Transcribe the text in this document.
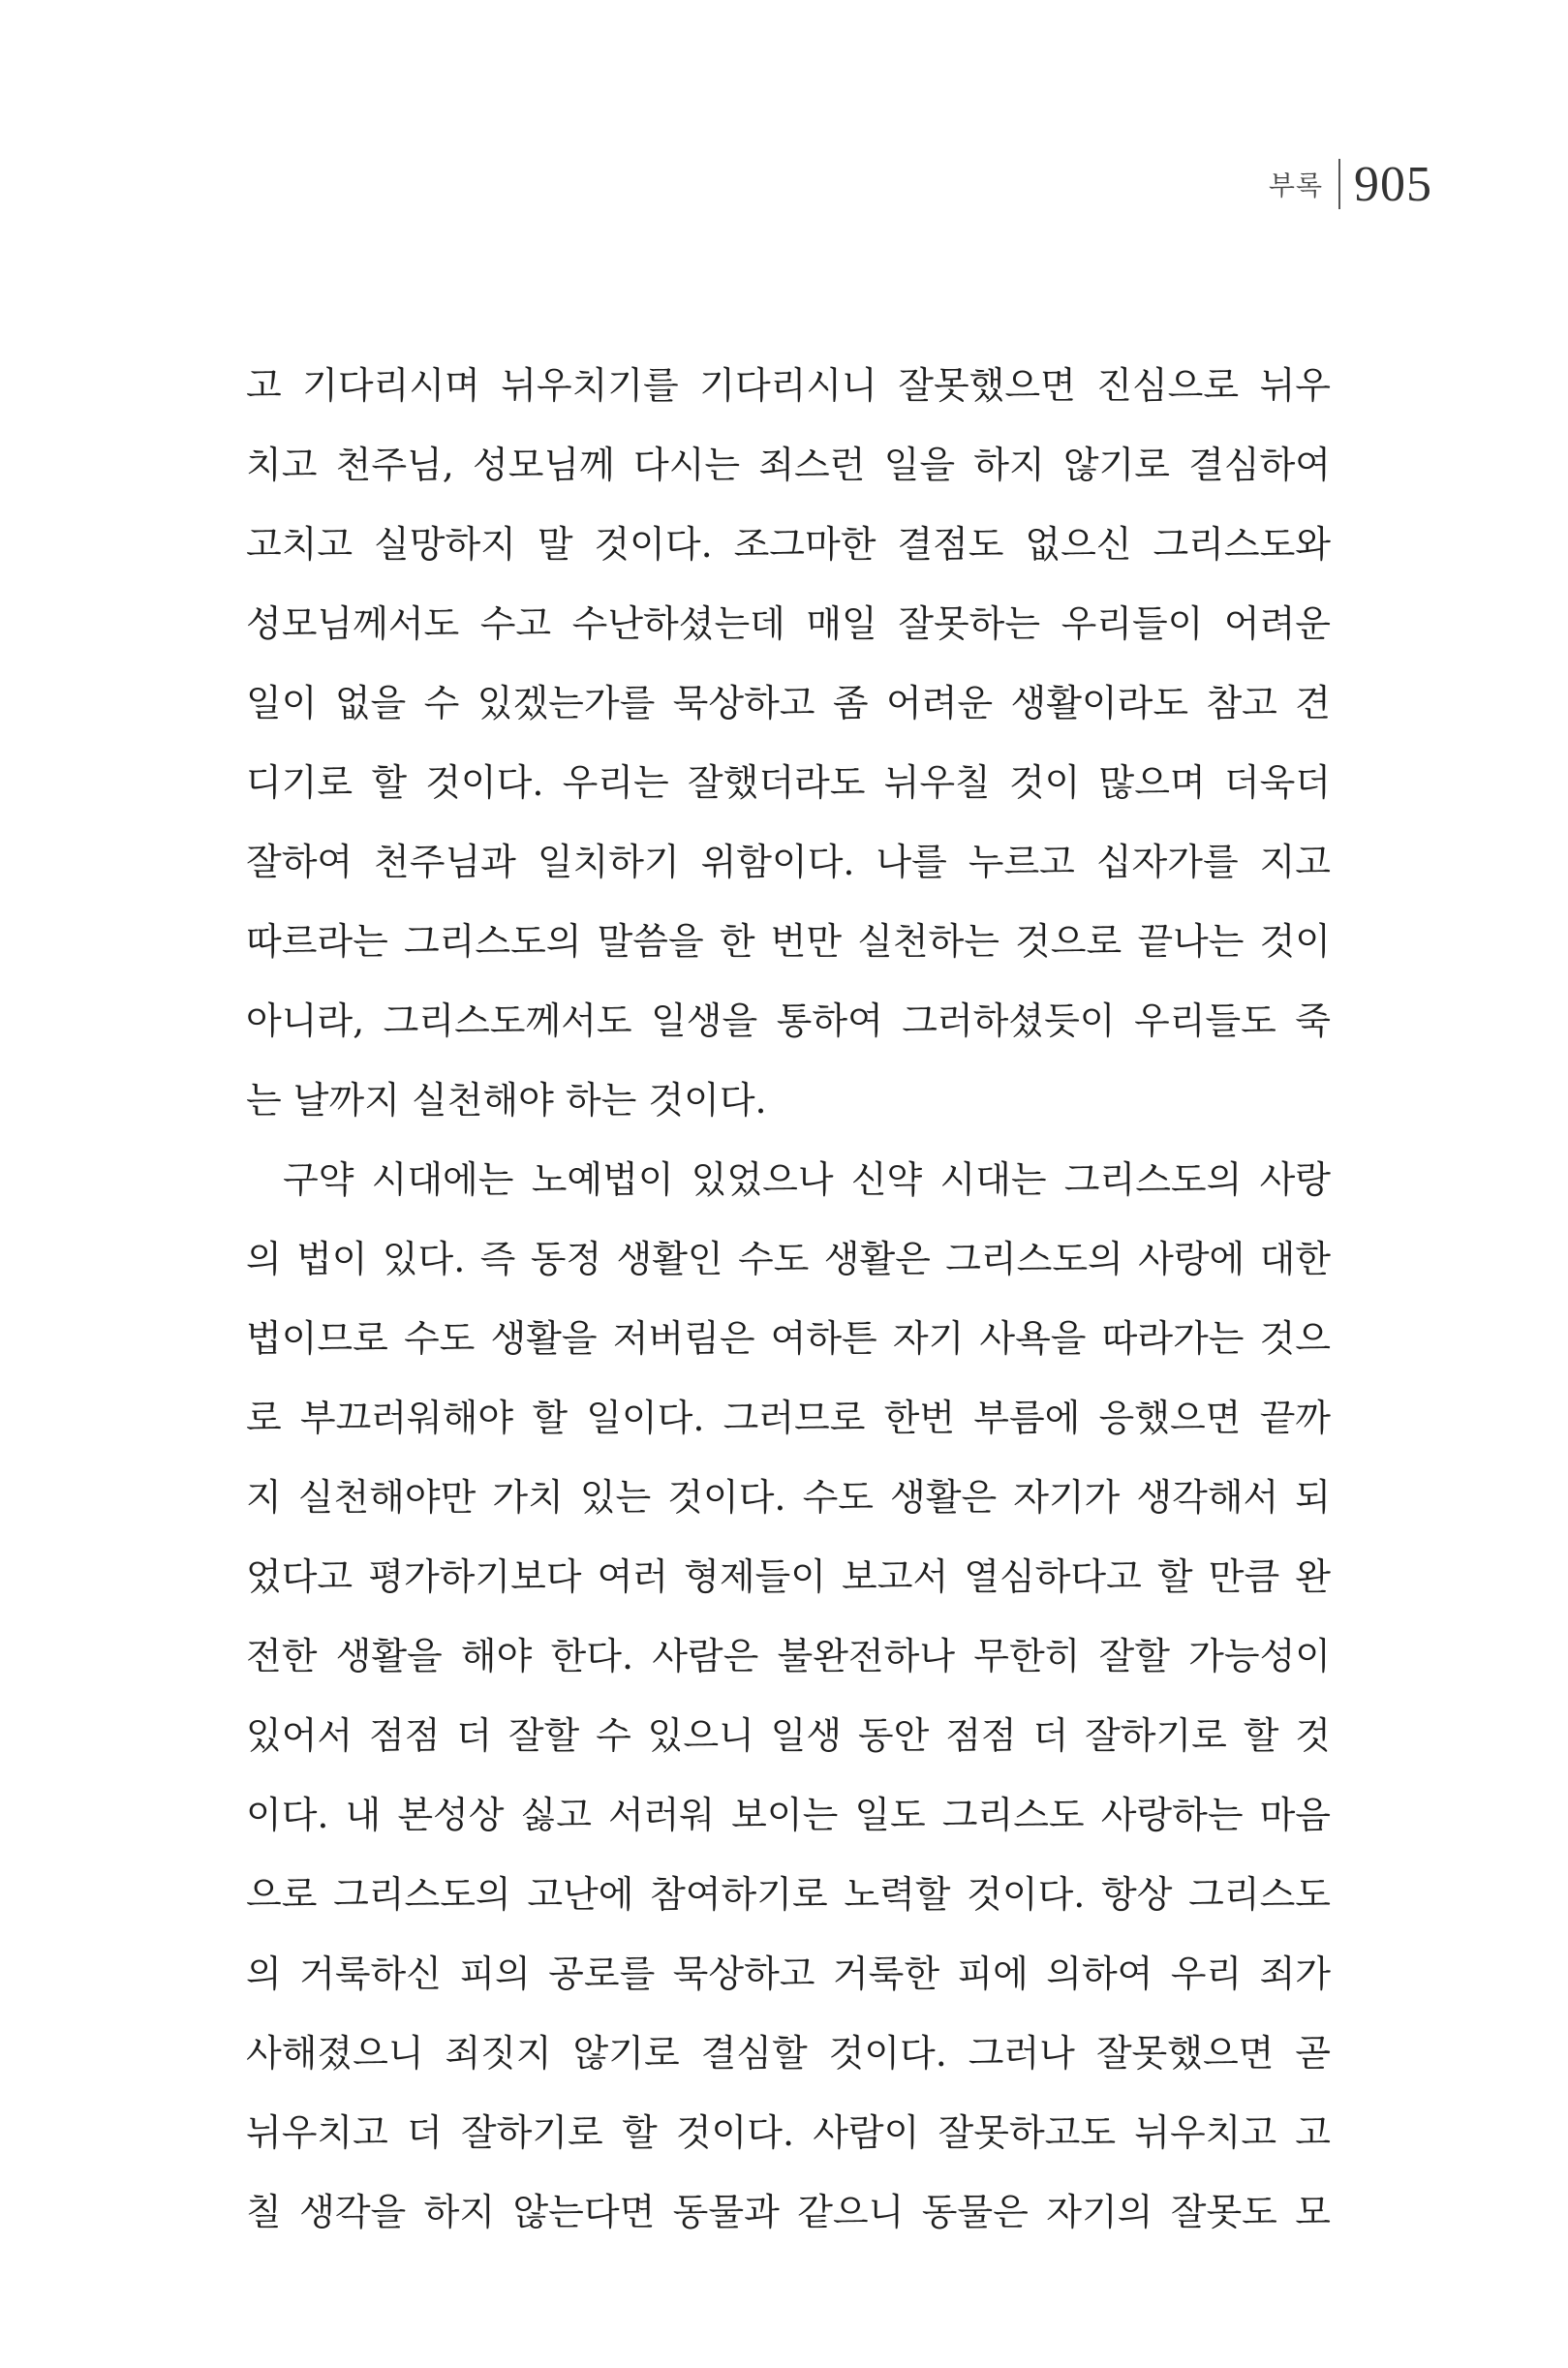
부록 905
고 기다리시며 뉘우치기를 기다리시니 잘못했으면 진심으로 뉘우
치고 천주님, 성모님께 다시는 죄스런 일을 하지 않기로 결심하여
고치고 실망하지 말 것이다. 조그마한 결점도 없으신 그리스도와
성모님께서도 수고 수난하셨는데 매일 잘못하는 우리들이 어려운
일이 없을 수 있겠는가를 묵상하고 좀 어려운 생활이라도 참고 견
디기로 할 것이다. 우리는 잘했더라도 뉘우칠 것이 많으며 더욱더
잘하여 천주님과 일치하기 위함이다. 나를 누르고 십자가를 지고
따르라는 그리스도의 말씀을 한 번만 실천하는 것으로 끝나는 것이
아니라, 그리스도께서도 일생을 통하여 그러하셨듯이 우리들도 죽
는 날까지 실천해야 하는 것이다.
구약 시대에는 노예법이 있었으나 신약 시대는 그리스도의 사랑
의 법이 있다. 즉 동정 생활인 수도 생활은 그리스도의 사랑에 대한
법이므로 수도 생활을 저버림은 여하튼 자기 사욕을 따라가는 것으
로 부끄러워해야 할 일이다. 그러므로 한번 부름에 응했으면 끝까
지 실천해야만 가치 있는 것이다. 수도 생활은 자기가 생각해서 되
었다고 평가하기보다 여러 형제들이 보고서 열심하다고 할 만큼 완
전한 생활을 해야 한다. 사람은 불완전하나 무한히 잘할 가능성이
있어서 점점 더 잘할 수 있으니 일생 동안 점점 더 잘하기로 할 것
이다. 내 본성상 싫고 서러워 보이는 일도 그리스도 사랑하는 마음
으로 그리스도의 고난에 참여하기로 노력할 것이다. 항상 그리스도
의 거룩하신 피의 공로를 묵상하고 거룩한 피에 의하여 우리 죄가
사해졌으니 죄짓지 않기로 결심할 것이다. 그러나 잘못했으면 곧
뉘우치고 더 잘하기로 할 것이다. 사람이 잘못하고도 뉘우치고 고
칠 생각을 하지 않는다면 동물과 같으니 동물은 자기의 잘못도 모
